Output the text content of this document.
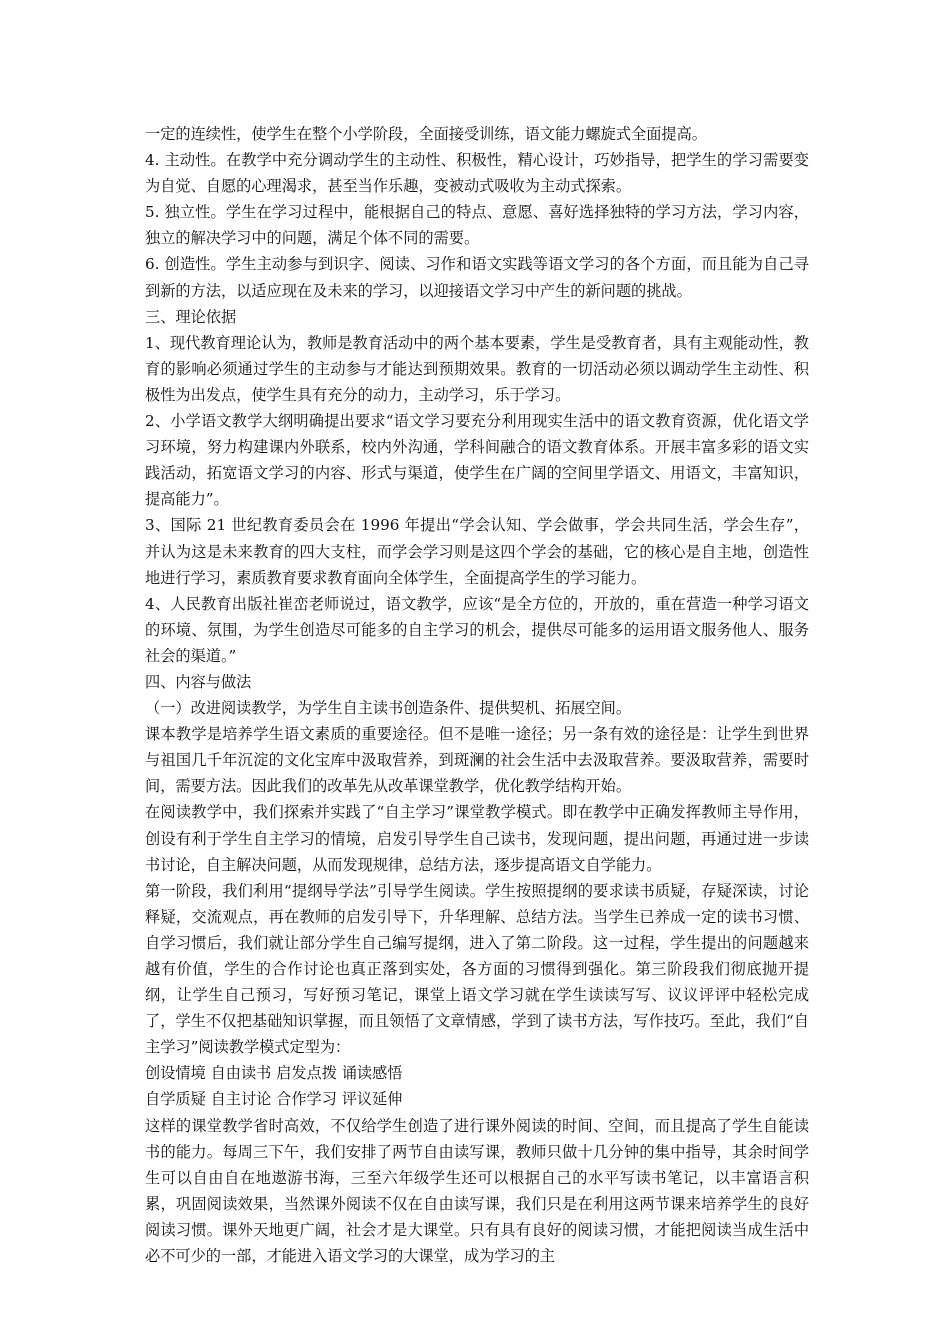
一定的连续性，使学生在整个小学阶段，全面接受训练，语文能力螺旋式全面提高。

4. 主动性。在教学中充分调动学生的主动性、积极性，精心设计，巧妙指导，把学生的学习需要变为自觉、自愿的心理渴求，甚至当作乐趣，变被动式吸收为主动式探索。

5. 独立性。学生在学习过程中，能根据自己的特点、意愿、喜好选择独特的学习方法，学习内容，独立的解决学习中的问题，满足个体不同的需要。

6. 创造性。学生主动参与到识字、阅读、习作和语文实践等语文学习的各个方面，而且能为自己寻到新的方法，以适应现在及未来的学习，以迎接语文学习中产生的新问题的挑战。

三、理论依据

1、现代教育理论认为，教师是教育活动中的两个基本要素，学生是受教育者，具有主观能动性，教育的影响必须通过学生的主动参与才能达到预期效果。教育的一切活动必须以调动学生主动性、积极性为出发点，使学生具有充分的动力，主动学习，乐于学习。

2、小学语文教学大纲明确提出要求“语文学习要充分利用现实生活中的语文教育资源，优化语文学习环境，努力构建课内外联系，校内外沟通，学科间融合的语文教育体系。开展丰富多彩的语文实践活动，拓宽语文学习的内容、形式与渠道，使学生在广阔的空间里学语文、用语文，丰富知识，提高能力”。

3、国际 21 世纪教育委员会在 1996 年提出“学会认知、学会做事，学会共同生活，学会生存”，并认为这是未来教育的四大支柱，而学会学习则是这四个学会的基础，它的核心是自主地，创造性地进行学习，素质教育要求教育面向全体学生，全面提高学生的学习能力。

4、人民教育出版社崔峦老师说过，语文教学，应该“是全方位的，开放的，重在营造一种学习语文的环境、氛围，为学生创造尽可能多的自主学习的机会，提供尽可能多的运用语文服务他人、服务社会的渠道。”

四、内容与做法

（一）改进阅读教学，为学生自主读书创造条件、提供契机、拓展空间。

课本教学是培养学生语文素质的重要途径。但不是唯一途径；另一条有效的途径是：让学生到世界与祖国几千年沉淀的文化宝库中汲取营养，到斑澜的社会生活中去汲取营养。要汲取营养，需要时间，需要方法。因此我们的改革先从改革课堂教学，优化教学结构开始。

在阅读教学中，我们探索并实践了“自主学习”课堂教学模式。即在教学中正确发挥教师主导作用，创设有利于学生自主学习的情境，启发引导学生自己读书，发现问题，提出问题，再通过进一步读书讨论，自主解决问题，从而发现规律，总结方法，逐步提高语文自学能力。

第一阶段，我们利用“提纲导学法”引导学生阅读。学生按照提纲的要求读书质疑，存疑深读，讨论释疑，交流观点，再在教师的启发引导下，升华理解、总结方法。当学生已养成一定的读书习惯、自学习惯后，我们就让部分学生自己编写提纲，进入了第二阶段。这一过程，学生提出的问题越来越有价值，学生的合作讨论也真正落到实处，各方面的习惯得到强化。第三阶段我们彻底抛开提纲，让学生自己预习，写好预习笔记，课堂上语文学习就在学生读读写写、议议评评中轻松完成了，学生不仅把基础知识掌握，而且领悟了文章情感，学到了读书方法，写作技巧。至此，我们“自主学习”阅读教学模式定型为：

创设情境 自由读书 启发点拨 诵读感悟

自学质疑 自主讨论 合作学习 评议延伸

这样的课堂教学省时高效，不仅给学生创造了进行课外阅读的时间、空间，而且提高了学生自能读书的能力。每周三下午，我们安排了两节自由读写课，教师只做十几分钟的集中指导，其余时间学生可以自由自在地遨游书海，三至六年级学生还可以根据自己的水平写读书笔记，以丰富语言积累，巩固阅读效果，当然课外阅读不仅在自由读写课，我们只是在利用这两节课来培养学生的良好阅读习惯。课外天地更广阔，社会才是大课堂。只有具有良好的阅读习惯，才能把阅读当成生活中必不可少的一部，才能进入语文学习的大课堂，成为学习的主
